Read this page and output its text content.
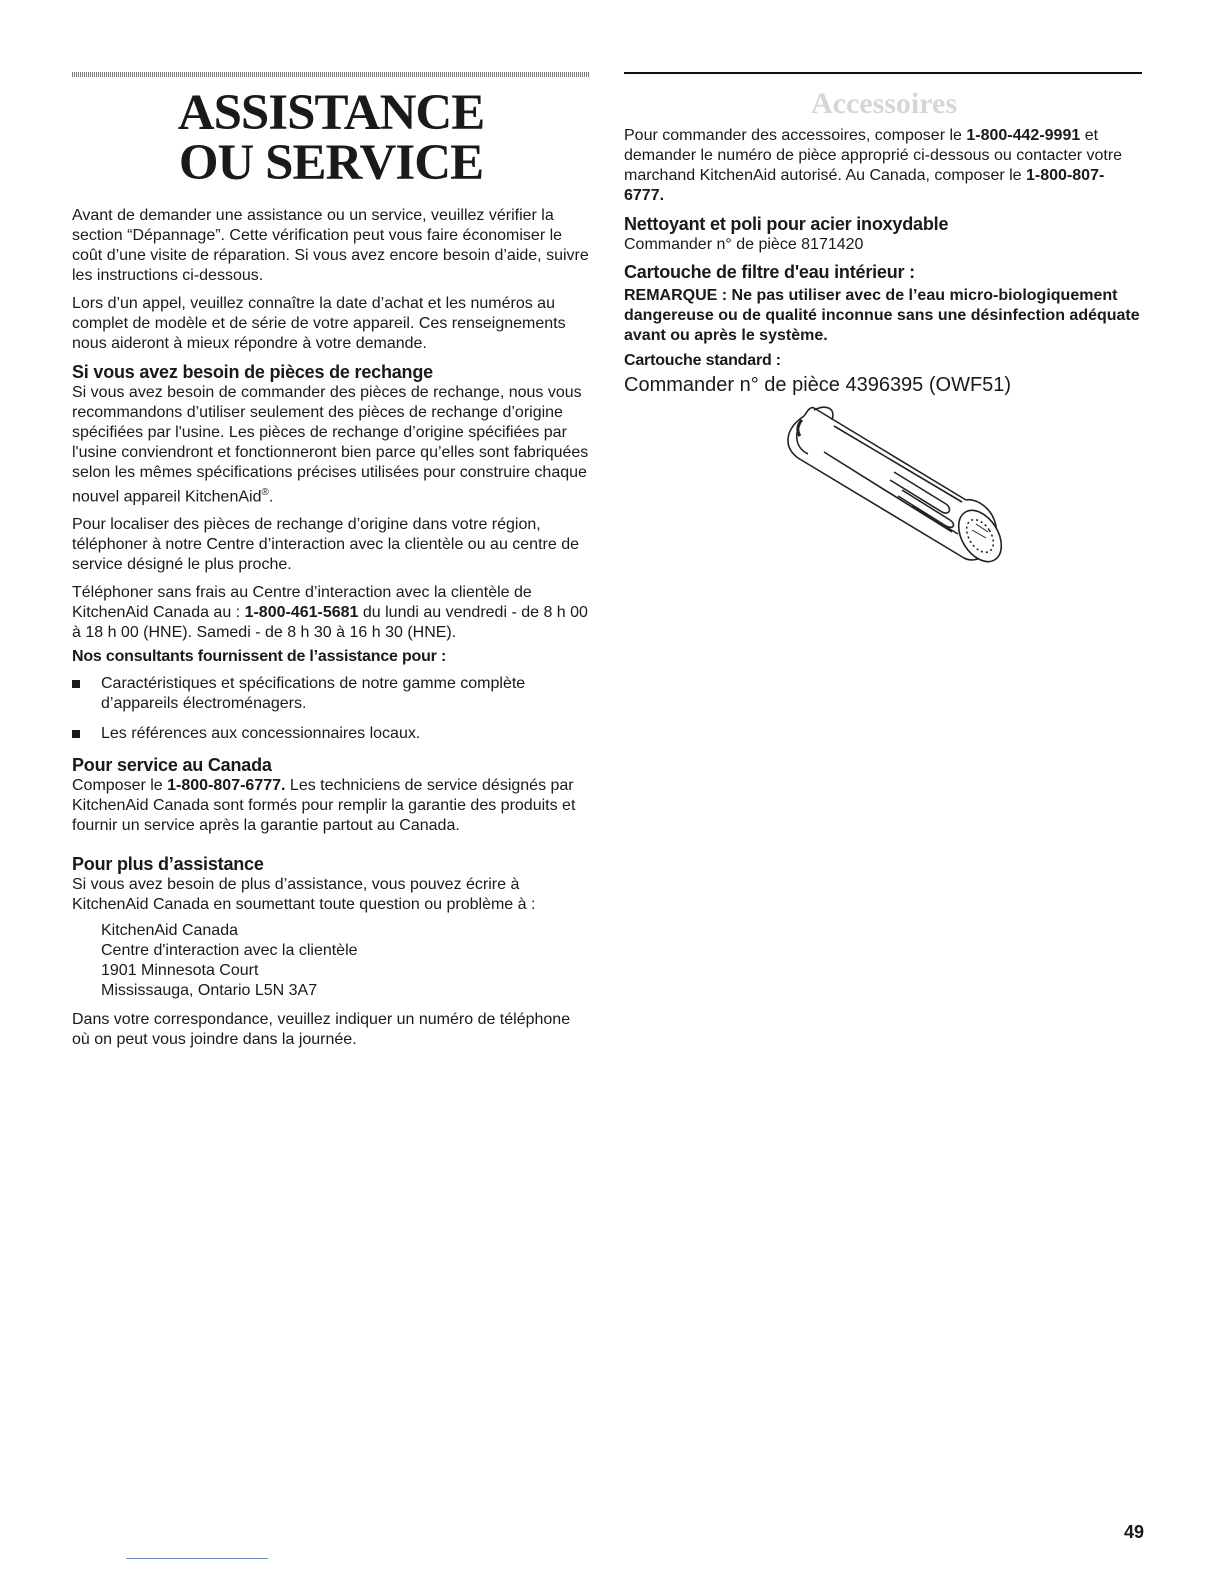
ASSISTANCE
OU SERVICE

Avant de demander une assistance ou un service, veuillez vérifier la section “Dépannage”. Cette vérification peut vous faire économiser le coût d’une visite de réparation. Si vous avez encore besoin d’aide, suivre les instructions ci-dessous.

Lors d’un appel, veuillez connaître la date d’achat et les numéros au complet de modèle et de série de votre appareil. Ces renseignements nous aideront à mieux répondre à votre demande.

Si vous avez besoin de pièces de rechange

Si vous avez besoin de commander des pièces de rechange, nous vous recommandons d’utiliser seulement des pièces de rechange d’origine spécifiées par l'usine. Les pièces de rechange d’origine spécifiées par l'usine conviendront et fonctionneront bien parce qu’elles sont fabriquées selon les mêmes spécifications précises utilisées pour construire chaque nouvel appareil KitchenAid®.

Pour localiser des pièces de rechange d’origine dans votre région, téléphoner à notre Centre d’interaction avec la clientèle ou au centre de service désigné le plus proche.

Téléphoner sans frais au Centre d’interaction avec la clientèle de KitchenAid Canada au : 1-800-461-5681 du lundi au vendredi - de 8 h 00 à 18 h 00 (HNE). Samedi - de 8 h 30 à 16 h 30 (HNE).

Nos consultants fournissent de l’assistance pour :
Caractéristiques et spécifications de notre gamme complète d’appareils électroménagers.
Les références aux concessionnaires locaux.
Pour service au Canada

Composer le 1-800-807-6777. Les techniciens de service désignés par KitchenAid Canada sont formés pour remplir la garantie des produits et fournir un service après la garantie partout au Canada.

Pour plus d’assistance

Si vous avez besoin de plus d’assistance, vous pouvez écrire à KitchenAid Canada en soumettant toute question ou problème à :

KitchenAid Canada

Centre d'interaction avec la clientèle

1901 Minnesota Court

Mississauga, Ontario L5N 3A7

Dans votre correspondance, veuillez indiquer un numéro de téléphone où on peut vous joindre dans la journée.

Accessoires

Pour commander des accessoires, composer le 1-800-442-9991 et demander le numéro de pièce approprié ci-dessous ou contacter votre marchand KitchenAid autorisé. Au Canada, composer le 1-800-807-6777.

Nettoyant et poli pour acier inoxydable

Commander n° de pièce 8171420

Cartouche de filtre d'eau intérieur :

REMARQUE : Ne pas utiliser avec de l’eau micro-biologiquement dangereuse ou de qualité inconnue sans une désinfection adéquate avant ou après le système.

Cartouche standard :

Commander n° de pièce 4396395 (OWF51)

49
